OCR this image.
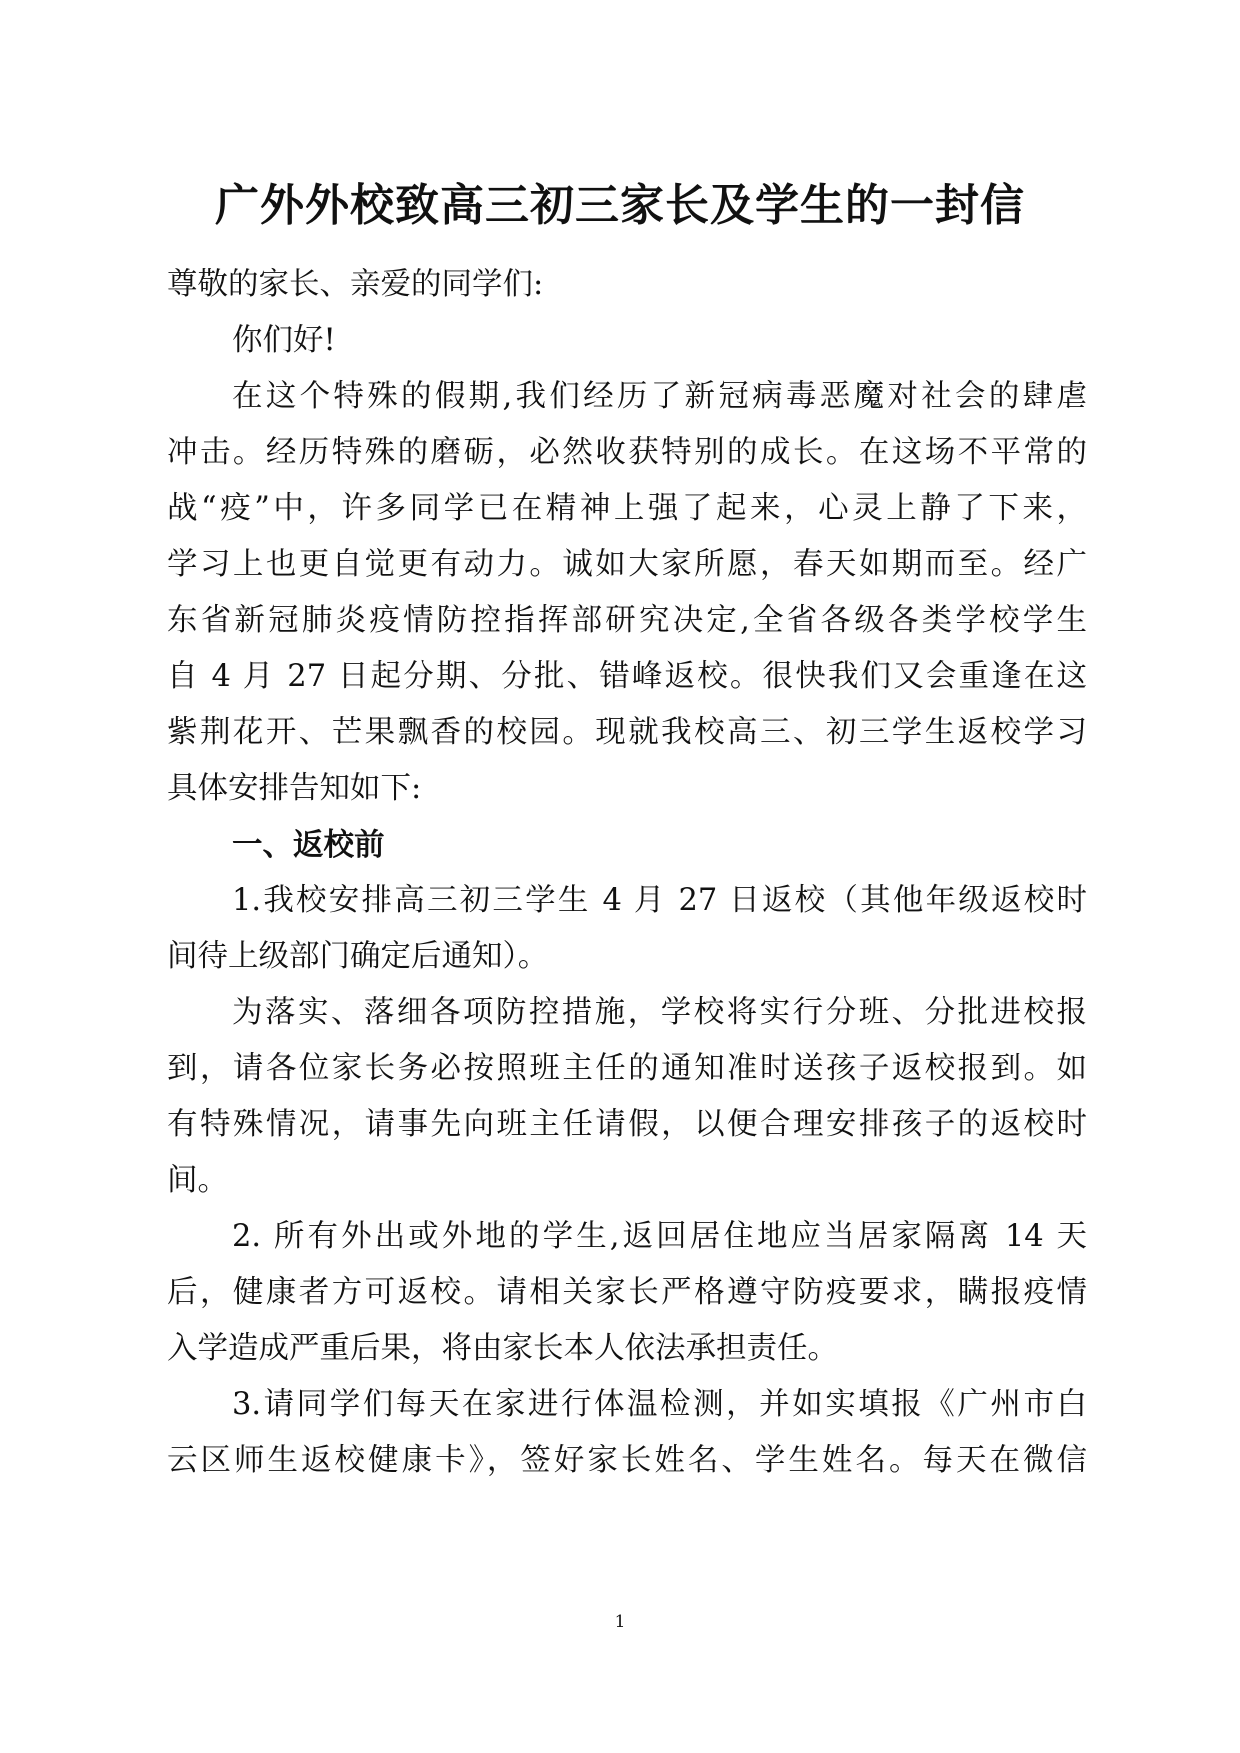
广外外校致高三初三家长及学生的一封信
尊敬的家长、亲爱的同学们:
你们好!
在这个特殊的假期,我们经历了新冠病毒恶魔对社会的肆虐
冲击。经历特殊的磨砺，必然收获特别的成长。在这场不平常的
战“疫”中，许多同学已在精神上强了起来，心灵上静了下来，
学习上也更自觉更有动力。诚如大家所愿，春天如期而至。经广
东省新冠肺炎疫情防控指挥部研究决定,全省各级各类学校学生
自 4 月 27 日起分期、分批、错峰返校。很快我们又会重逢在这
紫荆花开、芒果飘香的校园。现就我校高三、初三学生返校学习
具体安排告知如下:
一、返校前
1.我校安排高三初三学生 4 月 27 日返校（其他年级返校时
间待上级部门确定后通知）。
为落实、落细各项防控措施，学校将实行分班、分批进校报
到，请各位家长务必按照班主任的通知准时送孩子返校报到。如
有特殊情况，请事先向班主任请假，以便合理安排孩子的返校时
间。
2. 所有外出或外地的学生,返回居住地应当居家隔离 14 天
后，健康者方可返校。请相关家长严格遵守防疫要求，瞒报疫情
入学造成严重后果，将由家长本人依法承担责任。
3.请同学们每天在家进行体温检测，并如实填报《广州市白
云区师生返校健康卡》，签好家长姓名、学生姓名。每天在微信
1
